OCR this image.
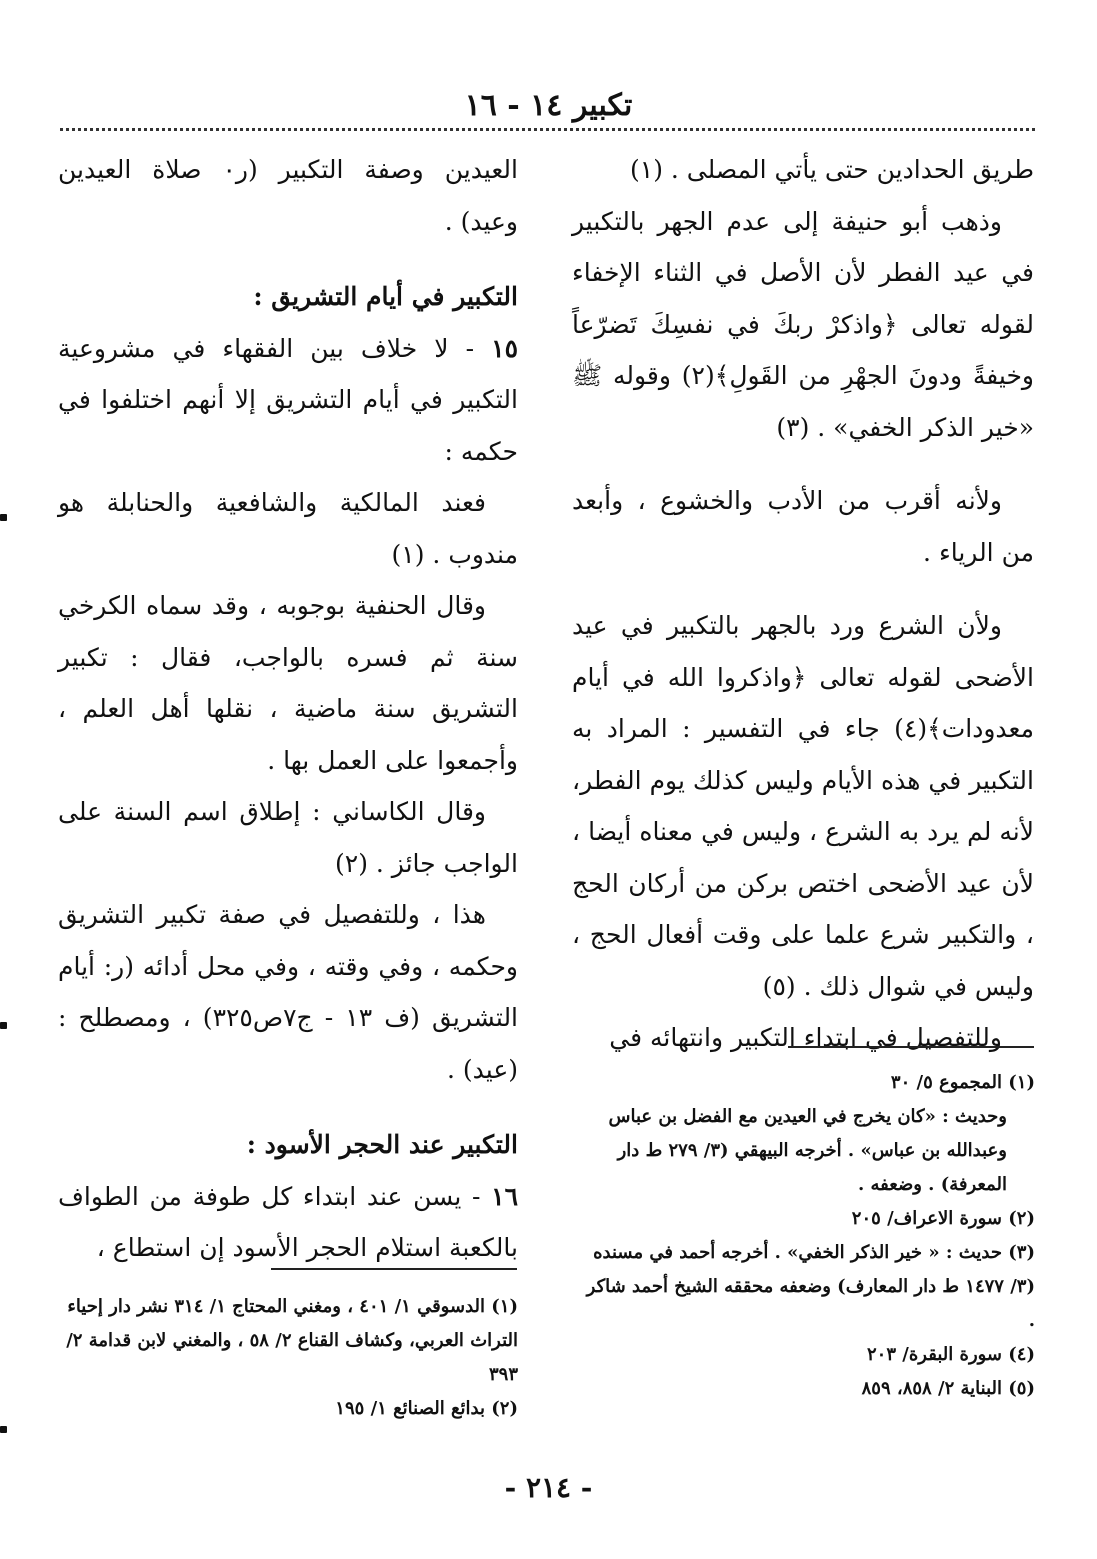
تكبير ١٤ - ١٦

طريق الحدادين حتى يأتي المصلى . (١)

وذهب أبو حنيفة إلى عدم الجهر بالتكبير في عيد الفطر لأن الأصل في الثناء الإخفاء لقوله تعالى ﴿واذكرْ ربكَ في نفسِكَ تَضرّعاً وخيفةً ودونَ الجهْرِ من القَولِ﴾(٢) وقوله ﷺ «خير الذكر الخفي» . (٣)

ولأنه أقرب من الأدب والخشوع ، وأبعد من الرياء .

ولأن الشرع ورد بالجهر بالتكبير في عيد الأضحى لقوله تعالى ﴿واذكروا الله في أيام معدودات﴾(٤) جاء في التفسير : المراد به التكبير في هذه الأيام وليس كذلك يوم الفطر، لأنه لم يرد به الشرع ، وليس في معناه أيضا ، لأن عيد الأضحى اختص بركن من أركان الحج ، والتكبير شرع علما على وقت أفعال الحج ، وليس في شوال ذلك . (٥)

وللتفصيل في ابتداء التكبير وانتهائه في

العيدين وصفة التكبير (ر٠ صلاة العيدين وعيد) .

التكبير في أيام التشريق :

١٥ - لا خلاف بين الفقهاء في مشروعية التكبير في أيام التشريق إلا أنهم اختلفوا في حكمه :

فعند المالكية والشافعية والحنابلة هو مندوب . (١)

وقال الحنفية بوجوبه ، وقد سماه الكرخي سنة ثم فسره بالواجب، فقال : تكبير التشريق سنة ماضية ، نقلها أهل العلم ، وأجمعوا على العمل بها .

وقال الكاساني : إطلاق اسم السنة على الواجب جائز . (٢)

هذا ، وللتفصيل في صفة تكبير التشريق وحكمه ، وفي وقته ، وفي محل أدائه (ر: أيام التشريق (ف ١٣ - ج٧ص٣٢٥) ، ومصطلح : (عيد) .

التكبير عند الحجر الأسود :

١٦ - يسن عند ابتداء كل طوفة من الطواف بالكعبة استلام الحجر الأسود إن استطاع ،

(١) المجموع ٥/ ٣٠

وحديث : «كان يخرج في العيدين مع الفضل بن عباس وعبدالله بن عباس» . أخرجه البيهقي (٣/ ٢٧٩ ط دار المعرفة) . وضعفه .

(٢) سورة الاعراف/ ٢٠٥

(٣) حديث : « خير الذكر الخفي» . أخرجه أحمد في مسنده (٣/ ١٤٧٧ ط دار المعارف) وضعفه محققه الشيخ أحمد شاكر .

(٤) سورة البقرة/ ٢٠٣

(٥) البناية ٢/ ٨٥٨، ٨٥٩

(١) الدسوقي ١/ ٤٠١ ، ومغني المحتاج ١/ ٣١٤ نشر دار إحياء التراث العربي، وكشاف القناع ٢/ ٥٨ ، والمغني لابن قدامة ٢/ ٣٩٣

(٢) بدائع الصنائع ١/ ١٩٥

- ٢١٤ -
